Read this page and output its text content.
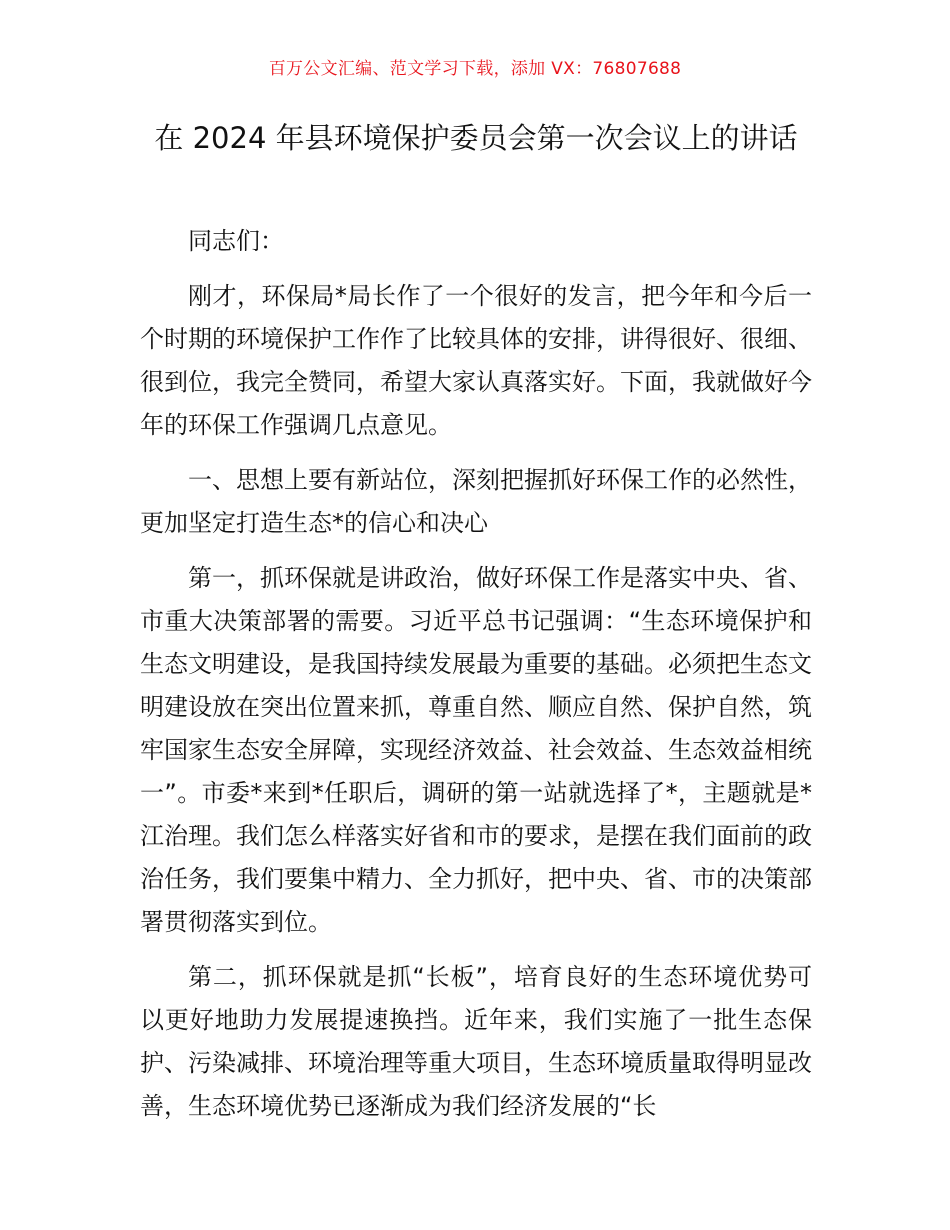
百万公文汇编、范文学习下载，添加 VX：76807688
在 2024 年县环境保护委员会第一次会议上的讲话

同志们：

刚才，环保局*局长作了一个很好的发言，把今年和今后一个时期的环境保护工作作了比较具体的安排，讲得很好、很细、很到位，我完全赞同，希望大家认真落实好。下面，我就做好今年的环保工作强调几点意见。

一、思想上要有新站位，深刻把握抓好环保工作的必然性，更加坚定打造生态*的信心和决心

第一，抓环保就是讲政治，做好环保工作是落实中央、省、市重大决策部署的需要。习近平总书记强调：“生态环境保护和生态文明建设，是我国持续发展最为重要的基础。必须把生态文明建设放在突出位置来抓，尊重自然、顺应自然、保护自然，筑牢国家生态安全屏障，实现经济效益、社会效益、生态效益相统一”。市委*来到*任职后，调研的第一站就选择了*，主题就是*江治理。我们怎么样落实好省和市的要求，是摆在我们面前的政治任务，我们要集中精力、全力抓好，把中央、省、市的决策部署贯彻落实到位。

第二，抓环保就是抓“长板”，培育良好的生态环境优势可以更好地助力发展提速换挡。近年来，我们实施了一批生态保护、污染减排、环境治理等重大项目，生态环境质量取得明显改善，生态环境优势已逐渐成为我们经济发展的“长
